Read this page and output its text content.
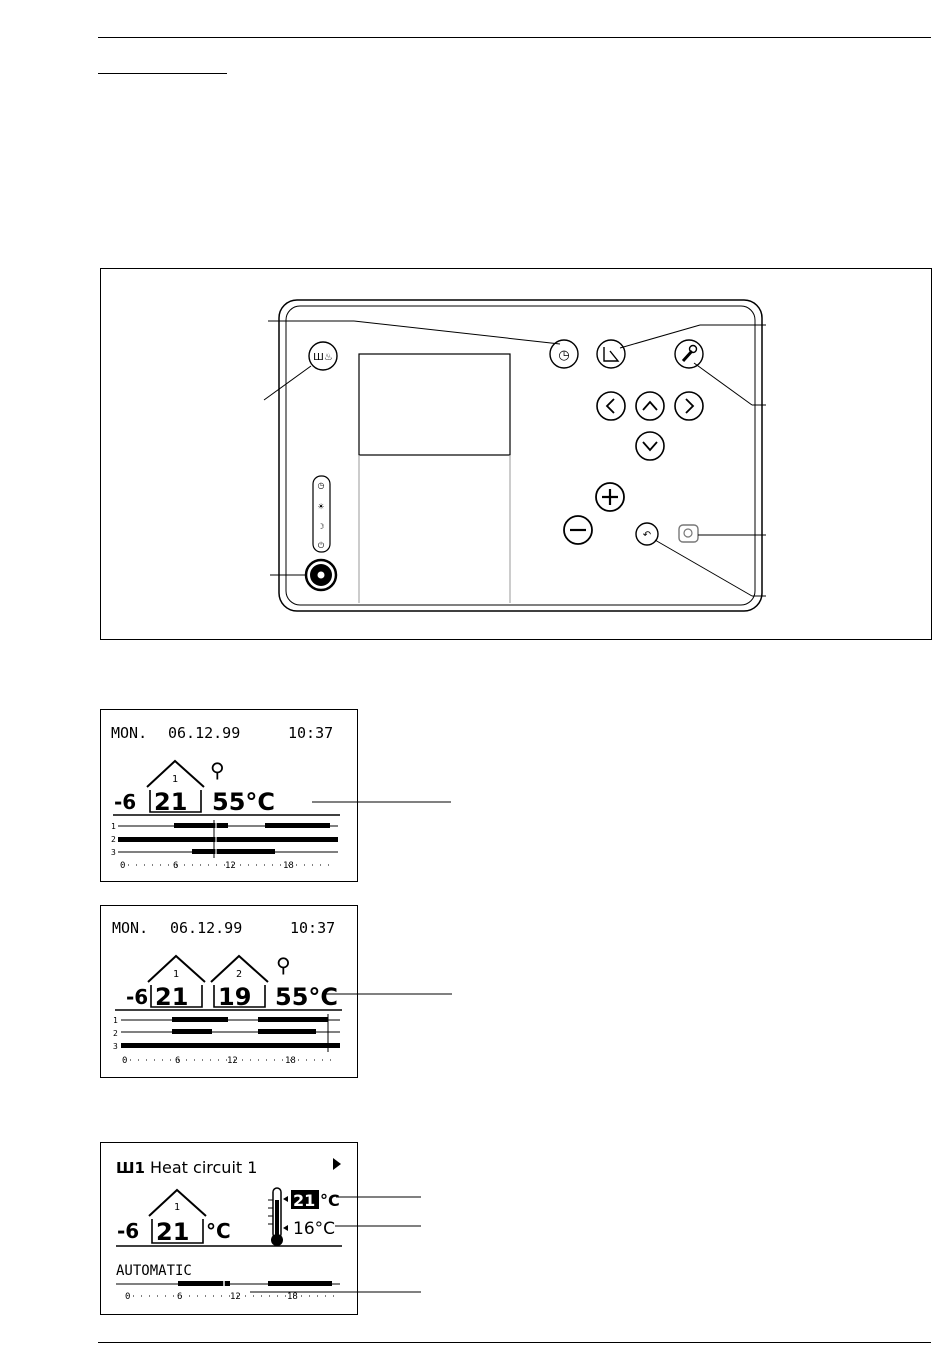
Ш♨	◷
↶
◷
☀
☽
⏻
MON. 06.12.99	10:37
1
-6 21
⚲
55°C
1
2
3
0	6	12	18
MON. 06.12.99	10:37
1	2
-6 21 19
⚲
55°C
1
2
3
0	6	12	18
Ш1 Heat circuit 1
1
-6 21 °C
21 °C
16°C
AUTOMATIC
0	6	12	18
